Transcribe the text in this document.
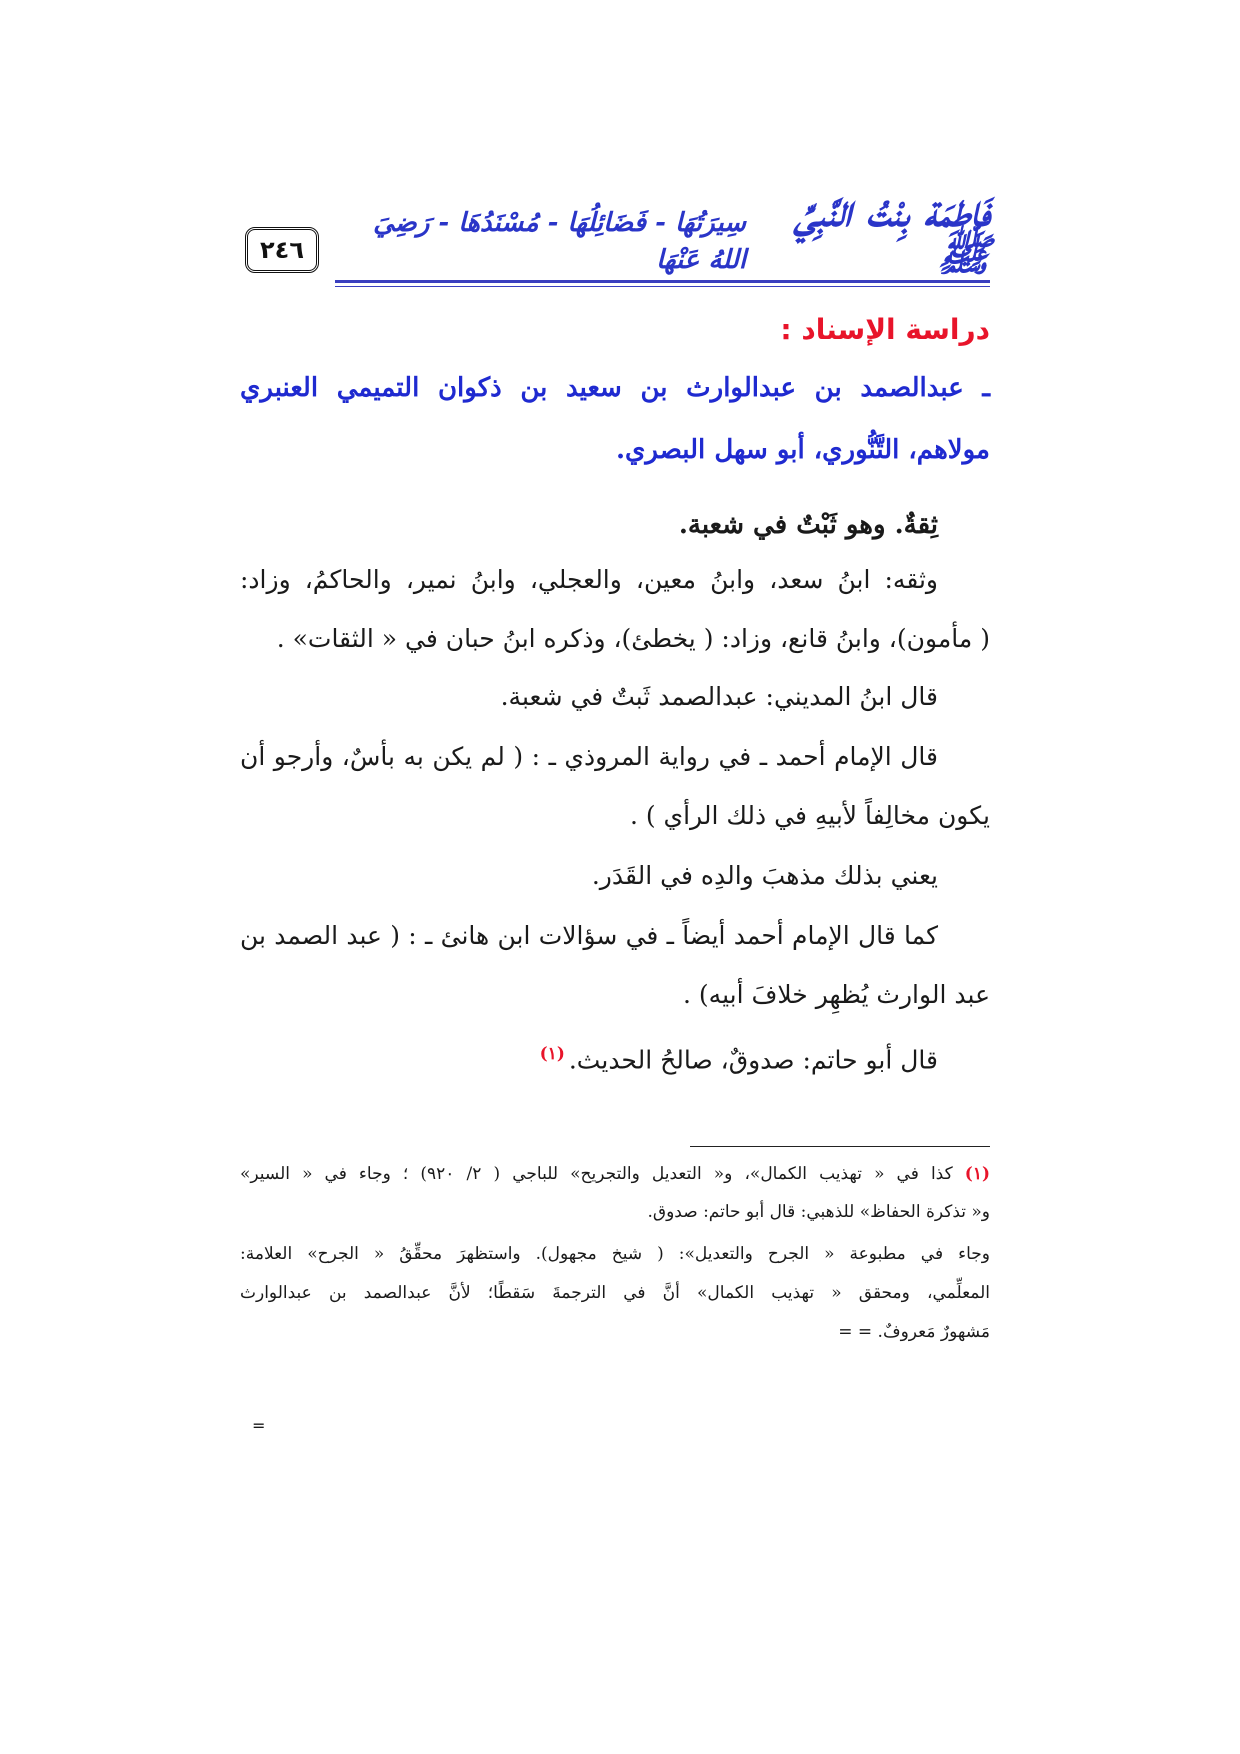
٢٤٦
فَاطِمَة بِنْتُ النَّبِيِّ ﷺ
سِيرَتُهَا - فَضَائِلُهَا - مُسْنَدُهَا - رَضِيَ اللهُ عَنْهَا
دراسة الإسناد :
ـ عبدالصمد بن عبدالوارث بن سعيد بن ذكوان التميمي العنبري
مولاهم، التَّنُّوري، أبو سهل البصري.
ثِقةٌ. وهو ثَبْتٌ في شعبة.
وثقه: ابنُ سعد، وابنُ معين، والعجلي، وابنُ نمير، والحاكمُ، وزاد:
( مأمون)، وابنُ قانع، وزاد: ( يخطئ)، وذكره ابنُ حبان في « الثقات» .
قال ابنُ المديني: عبدالصمد ثَبتٌ في شعبة.
قال الإمام أحمد ـ في رواية المروذي ـ : ( لم يكن به بأسٌ، وأرجو أن
يكون مخالِفاً لأبيهِ في ذلك الرأي ) .
يعني بذلك مذهبَ والدِه في القَدَر.
كما قال الإمام أحمد أيضاً ـ في سؤالات ابن هانئ ـ : ( عبد الصمد بن
عبد الوارث يُظهِر خلافَ أبيه) .
قال أبو حاتم: صدوقٌ، صالحُ الحديث.$^{(١)}$
(١) كذا في « تهذيب الكمال»، و« التعديل والتجريح» للباجي ( ٢/ ٩٢٠) ؛ وجاء في « السير»
و« تذكرة الحفاظ» للذهبي: قال أبو حاتم: صدوق.
وجاء في مطبوعة « الجرح والتعديل»: ( شيخ مجهول). واستظهرَ محقِّقُ « الجرح» العلامة:
المعلِّمي، ومحقق « تهذيب الكمال» أنَّ في الترجمةَ سَقطًا؛ لأنَّ عبدالصمد بن عبدالوارث
مَشهورٌ مَعروفٌ. = =
=
